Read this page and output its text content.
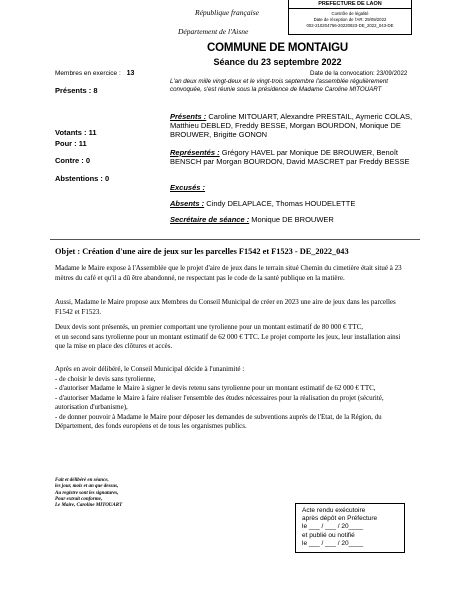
République française
Département de l'Aisne
PREFECTURE DE LAON
Contrôle de légalité
Date de réception de l'AR: 29/09/2022
002-210204756-20220923-DE_2022_043-DE
COMMUNE DE MONTAIGU
Séance du 23 septembre 2022
Membres en exercice : 13	Date de la convocation: 23/09/2022
L'an deux mille vingt-deux et le vingt-trois septembre l'assemblée régulièrement convoquée, s'est réunie sous la présidence de Madame Caroline MITOUART
Présents : 8
Votants : 11
Pour : 11
Contre : 0
Abstentions : 0
Présents : Caroline MITOUART, Alexandre PRESTAIL, Aymeric COLAS, Matthieu DEBLED, Freddy BESSE, Morgan BOURDON, Monique DE BROUWER, Brigitte GONON
Représentés : Grégory HAVEL par Monique DE BROUWER, Benoît BENSCH par Morgan BOURDON, David MASCRET par Freddy BESSE
Excusés :
Absents : Cindy DELAPLACE, Thomas HOUDELETTE
Secrétaire de séance : Monique DE BROUWER
Objet : Création d'une aire de jeux sur les parcelles F1542 et F1523 - DE_2022_043
Madame le Maire expose à l'Assemblée que le projet d'aire de jeux dans le terrain situé Chemin du cimetière était situé à 23 mètres du café et qu'il a dû être abandonné, ne respectant pas le code de la santé publique en la matière.
Aussi, Madame le Maire propose aux Membres du Conseil Municipal de créer en 2023 une aire de jeux dans les parcelles F1542 et F1523.
Deux devis sont présentés, un premier comportant une tyrolienne pour un montant estimatif de 80 000 € TTC,
et un second sans tyrolienne pour un montant estimatif de 62 000 € TTC. Le projet comporte les jeux, leur installation ainsi que la mise en place des clôtures et accès.
Après en avoir délibéré, le Conseil Municipal décide à l'unanimité :
- de choisir le devis sans tyrolienne,
- d'autoriser Madame le Maire à signer le devis retenu sans tyrolienne pour un montant estimatif de 62 000 € TTC,
- d'autoriser Madame le Maire à faire réaliser l'ensemble des études nécessaires pour la réalisation du projet (sécurité, autorisation d'urbanisme),
- de donner pouvoir à Madame le Maire pour déposer les demandes de subventions auprès de l'Etat, de la Région, du Département, des fonds européens et de tous les organismes publics.
Fait et délibéré en séance,
les jour, mois et an que dessus,
Au registre sont les signatures,
Pour extrait conforme,
Le Maire, Caroline MITOUART
Acte rendu exécutoire
après dépôt en Préfecture
le ___ / ___ / 20____
et publié ou notifié
le ___ / ___ / 20____
